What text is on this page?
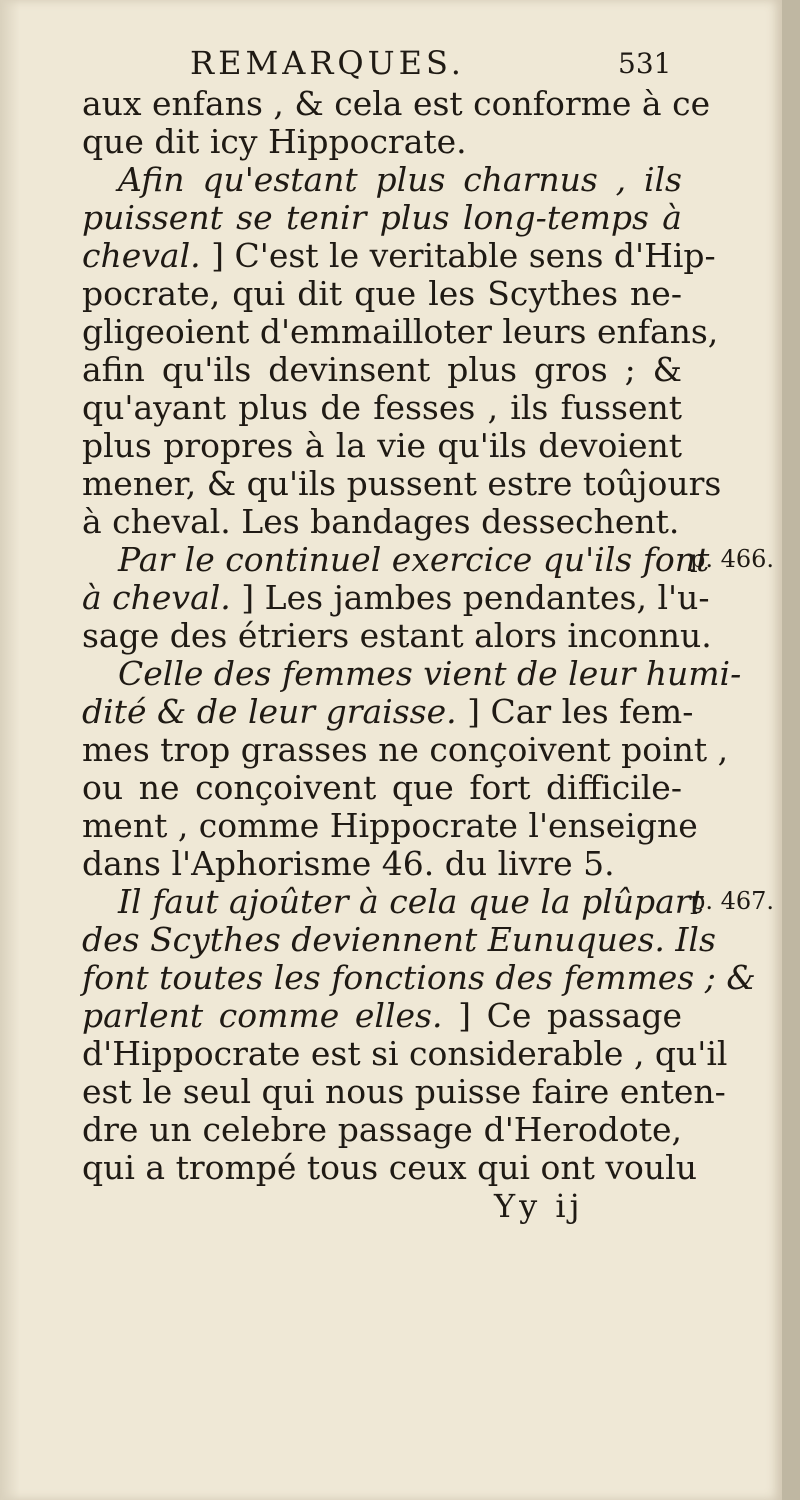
REMARQUES.	531
aux enfans , & cela est conforme à ce
que dit icy Hippocrate.
Afin qu'estant plus charnus , ils
puissent se tenir plus long-temps à
cheval. ] C'est le veritable sens d'Hip-
pocrate, qui dit que les Scythes ne-
gligeoient d'emmailloter leurs enfans,
afin qu'ils devinsent plus gros ; &
qu'ayant plus de fesses , ils fussent
plus propres à la vie qu'ils devoient
mener, & qu'ils pussent estre toûjours
à cheval. Les bandages dessechent.
Par le continuel exercice qu'ils font
p. 466.
à cheval. ] Les jambes pendantes, l'u-
sage des étriers estant alors inconnu.
Celle des femmes vient de leur humi-
dité & de leur graisse. ] Car les fem-
mes trop grasses ne conçoivent point ,
ou ne conçoivent que fort difficile-
ment , comme Hippocrate l'enseigne
dans l'Aphorisme 46. du livre 5.
Il faut ajoûter à cela que la plûpart
p. 467.
des Scythes deviennent Eunuques. Ils
font toutes les fonctions des femmes ; &
parlent comme elles. ] Ce passage
d'Hippocrate est si considerable , qu'il
est le seul qui nous puisse faire enten-
dre un celebre passage d'Herodote,
qui a trompé tous ceux qui ont voulu
Yy ij
